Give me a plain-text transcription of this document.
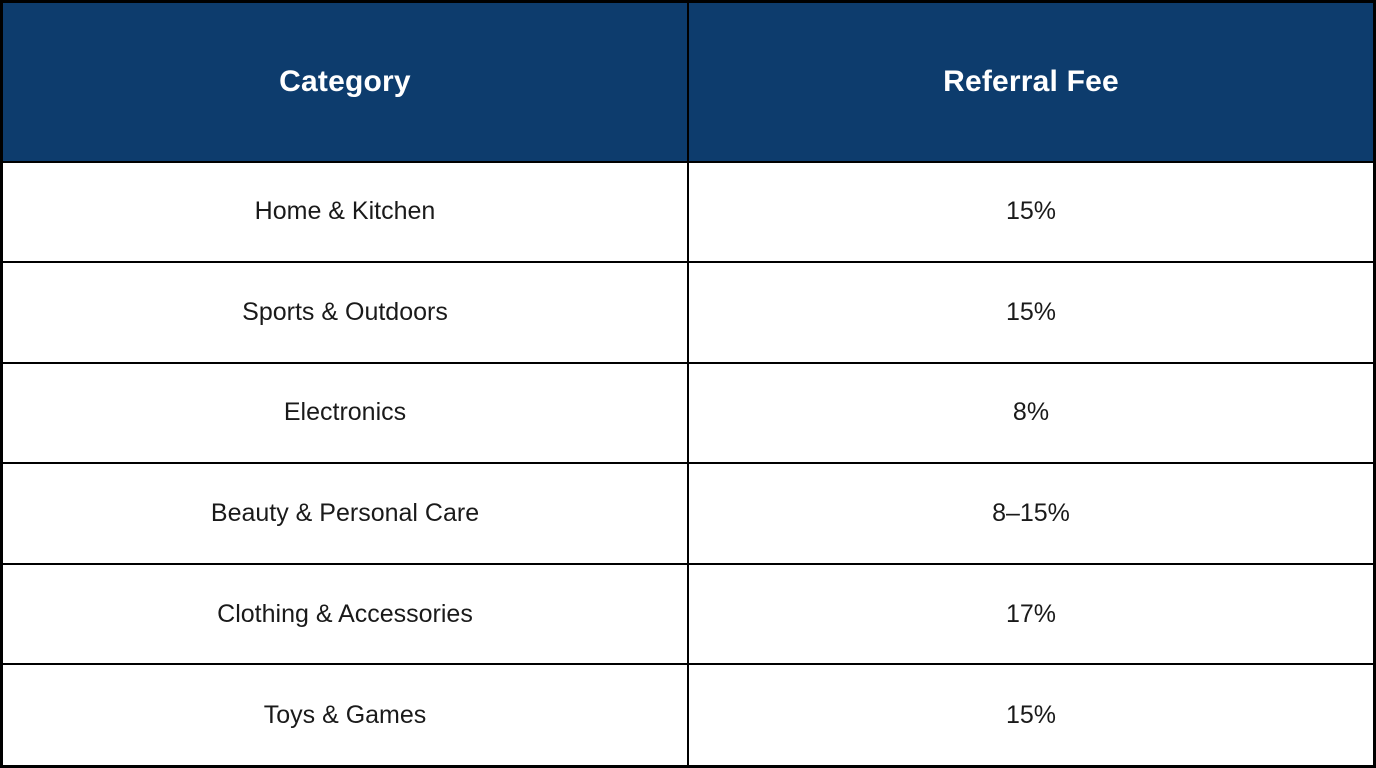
Category	Referral Fee
Home & Kitchen	15%
Sports & Outdoors	15%
Electronics	8%
Beauty & Personal Care	8–15%
Clothing & Accessories	17%
Toys & Games	15%
